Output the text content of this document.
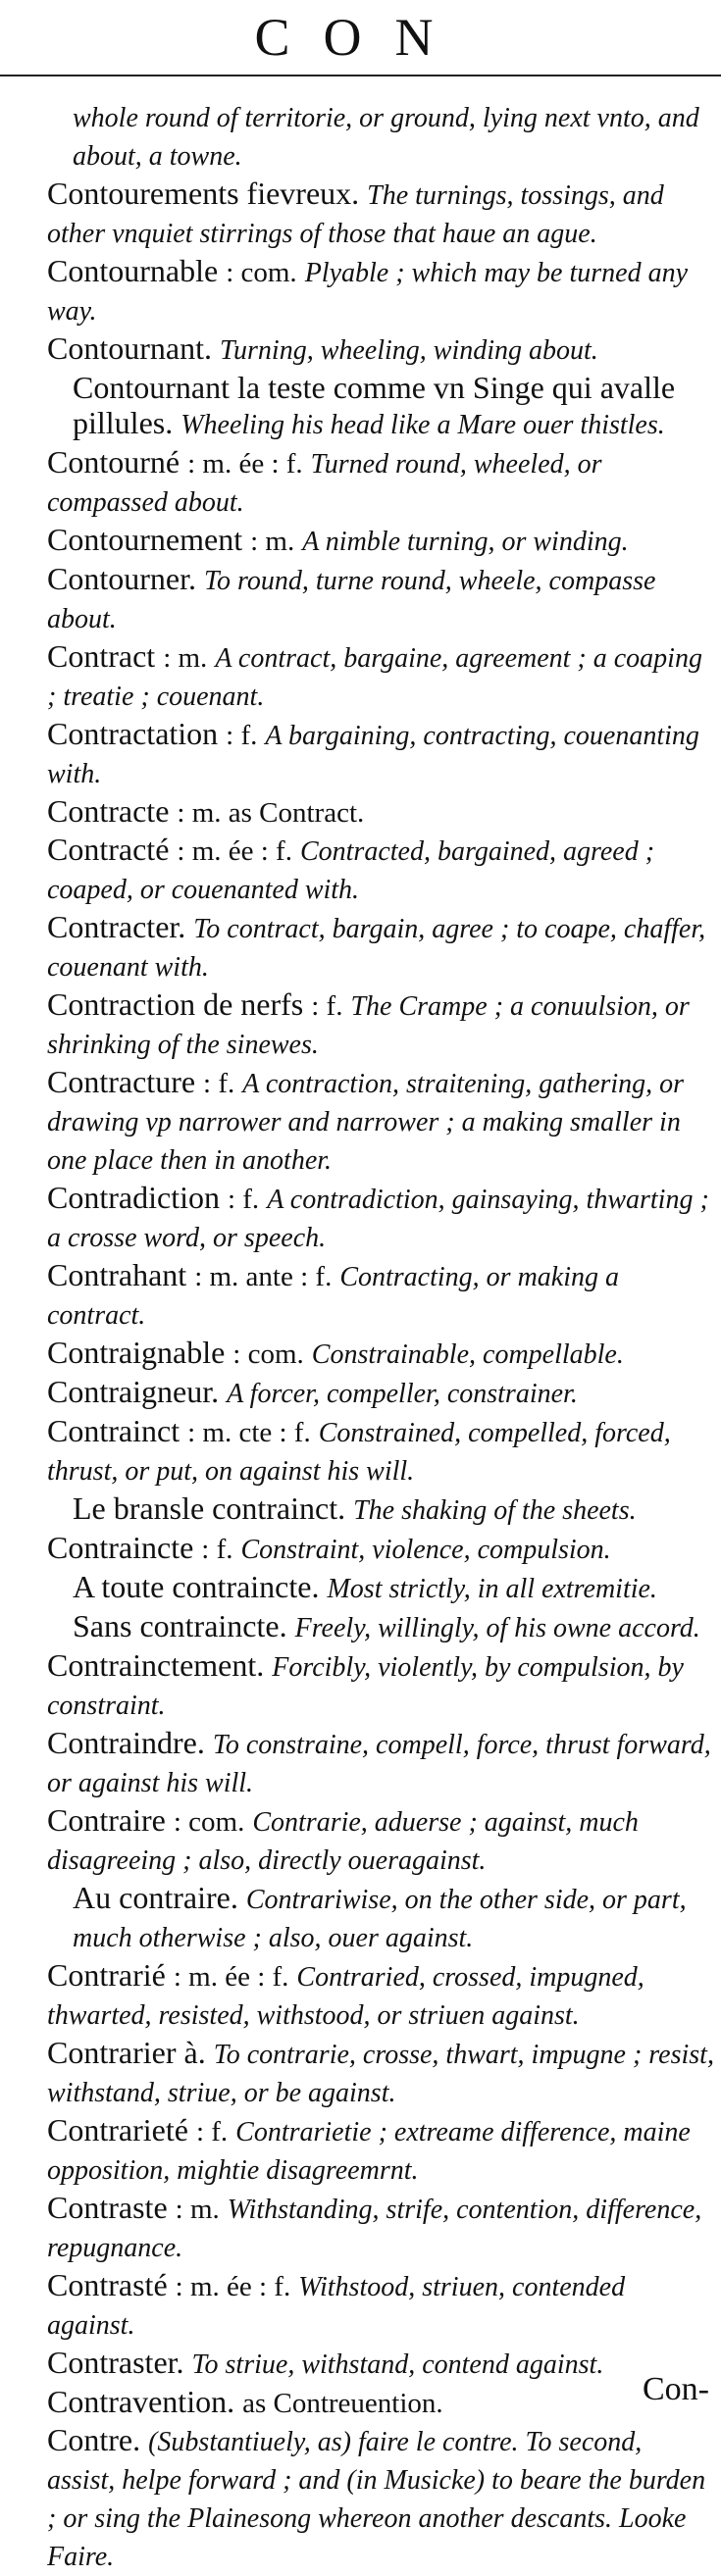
CON
whole round of territorie, or ground, lying next vnto, and about, a towne.
Contourements fievreux. The turnings, tossings, and other vnquiet stirrings of those that haue an ague.
Contournable : com. Plyable ; which may be turned any way.
Contournant. Turning, wheeling, winding about.
Contournant la teste comme vn Singe qui avalle pillules. Wheeling his head like a Mare ouer thistles.
Contourné : m. ée : f. Turned round, wheeled, or compassed about.
Contournement : m. A nimble turning, or winding.
Contourner. To round, turne round, wheele, compasse about.
Contract : m. A contract, bargaine, agreement ; a coaping ; treatie ; couenant.
Contractation : f. A bargaining, contracting, couenanting with.
Contracte : m. as Contract.
Contracté : m. ée : f. Contracted, bargained, agreed ; coaped, or couenanted with.
Contracter. To contract, bargain, agree ; to coape, chaffer, couenant with.
Contraction de nerfs : f. The Crampe ; a conuulsion, or shrinking of the sinewes.
Contracture : f. A contraction, straitening, gathering, or drawing vp narrower and narrower ; a making smaller in one place then in another.
Contradiction : f. A contradiction, gainsaying, thwarting ; a crosse word, or speech.
Contrahant : m. ante : f. Contracting, or making a contract.
Contraignable : com. Constrainable, compellable.
Contraigneur. A forcer, compeller, constrainer.
Contrainct : m. cte : f. Constrained, compelled, forced, thrust, or put, on against his will.
Le bransle contrainct. The shaking of the sheets.
Contraincte : f. Constraint, violence, compulsion.
A toute contraincte. Most strictly, in all extremitie.
Sans contraincte. Freely, willingly, of his owne accord.
Contrainctement. Forcibly, violently, by compulsion, by constraint.
Contraindre. To constraine, compell, force, thrust forward, or against his will.
Contraire : com. Contrarie, aduerse ; against, much disagreeing ; also, directly oueragainst.
Au contraire. Contrariwise, on the other side, or part, much otherwise ; also, ouer against.
Contrarié : m. ée : f. Contraried, crossed, impugned, thwarted, resisted, withstood, or striuen against.
Contrarier à. To contrarie, crosse, thwart, impugne ; resist, withstand, striue, or be against.
Contrarieté : f. Contrarietie ; extreame difference, maine opposition, mightie disagreemrnt.
Contraste : m. Withstanding, strife, contention, difference, repugnance.
Contrasté : m. ée : f. Withstood, striuen, contended against.
Contraster. To striue, withstand, contend against.
Contravention. as Contreuention.
Contre. (Substantiuely, as) faire le contre. To second, assist, helpe forward ; and (in Musicke) to beare the burden ; or sing the Plainesong whereon another descants. Looke Faire.
Con-
